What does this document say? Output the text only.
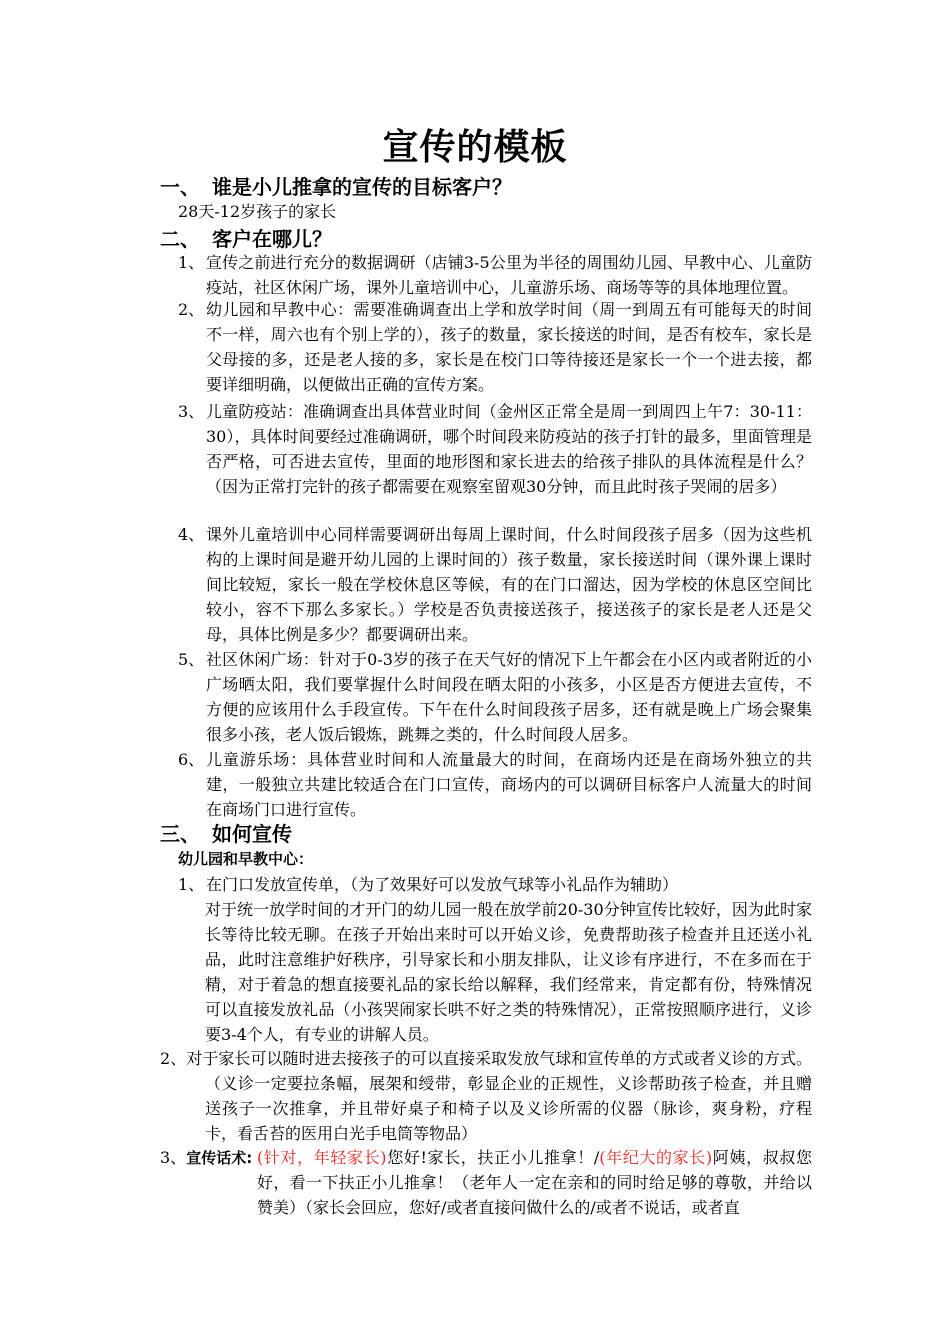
宣传的模板
一、 谁是小儿推拿的宣传的目标客户？
28天-12岁孩子的家长
二、 客户在哪儿？
1、 宣传之前进行充分的数据调研（店铺3-5公里为半径的周围幼儿园、早教中心、儿童防疫站，社区休闲广场，课外儿童培训中心，儿童游乐场、商场等等的具体地理位置。
2、 幼儿园和早教中心：需要准确调查出上学和放学时间（周一到周五有可能每天的时间不一样，周六也有个别上学的），孩子的数量，家长接送的时间，是否有校车，家长是父母接的多，还是老人接的多，家长是在校门口等待接还是家长一个一个进去接，都要详细明确，以便做出正确的宣传方案。
3、 儿童防疫站：准确调查出具体营业时间（金州区正常全是周一到周四上午7：30-11：30），具体时间要经过准确调研，哪个时间段来防疫站的孩子打针的最多，里面管理是否严格，可否进去宣传，里面的地形图和家长进去的给孩子排队的具体流程是什么？（因为正常打完针的孩子都需要在观察室留观30分钟，而且此时孩子哭闹的居多）
4、 课外儿童培训中心同样需要调研出每周上课时间，什么时间段孩子居多（因为这些机构的上课时间是避开幼儿园的上课时间的）孩子数量，家长接送时间（课外课上课时间比较短，家长一般在学校休息区等候，有的在门口溜达，因为学校的休息区空间比较小，容不下那么多家长。）学校是否负责接送孩子，接送孩子的家长是老人还是父母，具体比例是多少？都要调研出来。
5、 社区休闲广场：针对于0-3岁的孩子在天气好的情况下上午都会在小区内或者附近的小广场晒太阳，我们要掌握什么时间段在晒太阳的小孩多，小区是否方便进去宣传，不方便的应该用什么手段宣传。下午在什么时间段孩子居多，还有就是晚上广场会聚集很多小孩，老人饭后锻炼，跳舞之类的，什么时间段人居多。
6、 儿童游乐场：具体营业时间和人流量最大的时间，在商场内还是在商场外独立的共建，一般独立共建比较适合在门口宣传，商场内的可以调研目标客户人流量大的时间在商场门口进行宣传。
三、 如何宣传
幼儿园和早教中心：
1、 在门口发放宣传单，（为了效果好可以发放气球等小礼品作为辅助）
对于统一放学时间的才开门的幼儿园一般在放学前20-30分钟宣传比较好，因为此时家长等待比较无聊。在孩子开始出来时可以开始义诊，免费帮助孩子检查并且还送小礼品，此时注意维护好秩序，引导家长和小朋友排队，让义诊有序进行，不在多而在于精，对于着急的想直接要礼品的家长给以解释，我们经常来，肯定都有份，特殊情况可以直接发放礼品（小孩哭闹家长哄不好之类的特殊情况），正常按照顺序进行，义诊要3-4个人，有专业的讲解人员。
2、对于家长可以随时进去接孩子的可以直接采取发放气球和宣传单的方式或者义诊的方式。（义诊一定要拉条幅，展架和绶带，彰显企业的正规性，义诊帮助孩子检查，并且赠送孩子一次推拿，并且带好桌子和椅子以及义诊所需的仪器（脉诊，爽身粉，疗程卡，看舌苔的医用白光手电筒等物品）
3、宣传话术: (针对，年轻家长)您好!家长，扶正小儿推拿！/(年纪大的家长)阿姨，叔叔您好，看一下扶正小儿推拿！（老年人一定在亲和的同时给足够的尊敬，并给以赞美）（家长会回应，您好/或者直接问做什么的/或者不说话，或者直
